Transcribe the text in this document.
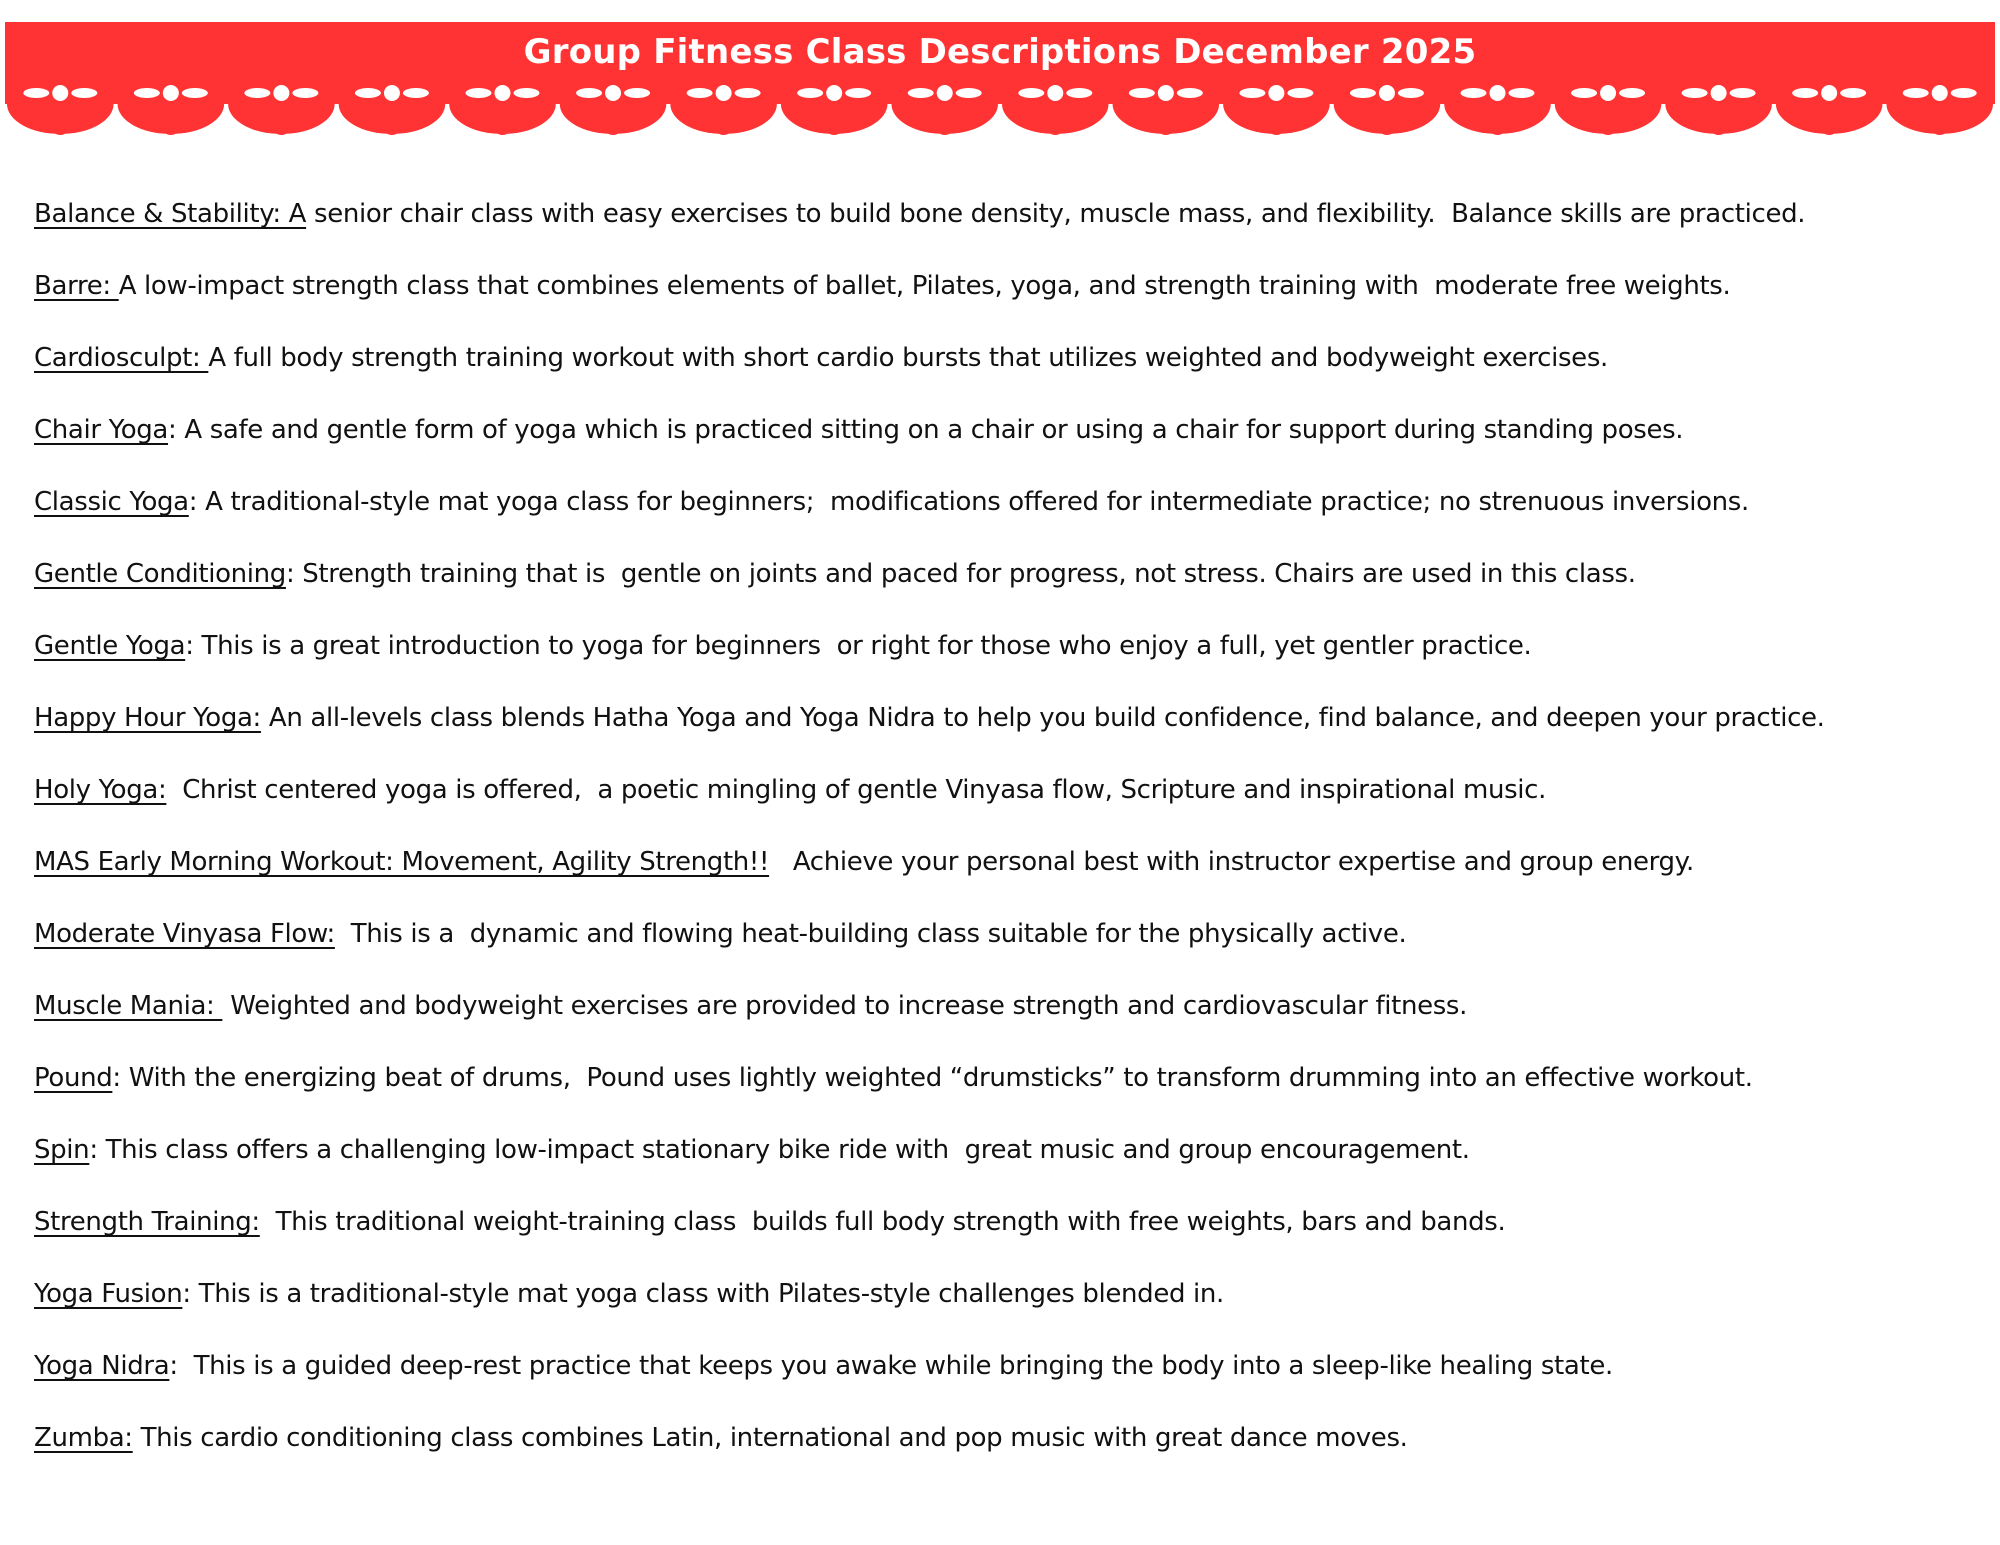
Group Fitness Class Descriptions December 2025
Balance & Stability: A senior chair class with easy exercises to build bone density, muscle mass, and flexibility.  Balance skills are practiced.
Barre: A low-impact strength class that combines elements of ballet, Pilates, yoga, and strength training with  moderate free weights.
Cardiosculpt: A full body strength training workout with short cardio bursts that utilizes weighted and bodyweight exercises.
Chair Yoga: A safe and gentle form of yoga which is practiced sitting on a chair or using a chair for support during standing poses.
Classic Yoga: A traditional-style mat yoga class for beginners;  modifications offered for intermediate practice; no strenuous inversions.
Gentle Conditioning: Strength training that is  gentle on joints and paced for progress, not stress. Chairs are used in this class.
Gentle Yoga: This is a great introduction to yoga for beginners  or right for those who enjoy a full, yet gentler practice.
Happy Hour Yoga: An all-levels class blends Hatha Yoga and Yoga Nidra to help you build confidence, find balance, and deepen your practice.
Holy Yoga:  Christ centered yoga is offered,  a poetic mingling of gentle Vinyasa flow, Scripture and inspirational music.
MAS Early Morning Workout: Movement, Agility Strength!!   Achieve your personal best with instructor expertise and group energy.
Moderate Vinyasa Flow:  This is a  dynamic and flowing heat-building class suitable for the physically active.
Muscle Mania:  Weighted and bodyweight exercises are provided to increase strength and cardiovascular fitness.
Pound: With the energizing beat of drums,  Pound uses lightly weighted “drumsticks” to transform drumming into an effective workout.
Spin: This class offers a challenging low-impact stationary bike ride with  great music and group encouragement.
Strength Training:  This traditional weight-training class  builds full body strength with free weights, bars and bands.
Yoga Fusion: This is a traditional-style mat yoga class with Pilates-style challenges blended in.
Yoga Nidra:  This is a guided deep-rest practice that keeps you awake while bringing the body into a sleep-like healing state.
Zumba: This cardio conditioning class combines Latin, international and pop music with great dance moves.
